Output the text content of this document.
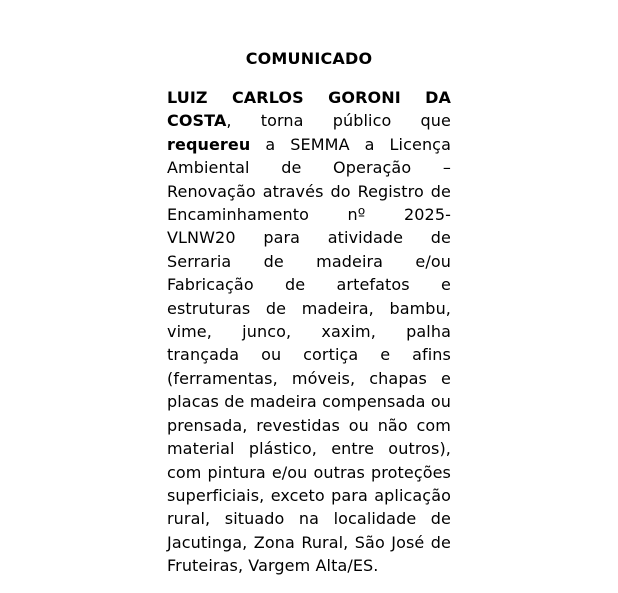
COMUNICADO

LUIZ CARLOS GORONI DA COSTA, torna público que requereu a SEMMA a Licença Ambiental de Operação – Renovação através do Registro de Encaminhamento nº 2025-VLNW20 para atividade de Serraria de madeira e/ou Fabricação de artefatos e estruturas de madeira, bambu, vime, junco, xaxim, palha trançada ou cortiça e afins (ferramentas, móveis, chapas e placas de madeira compensada ou prensada, revestidas ou não com material plástico, entre outros), com pintura e/ou outras proteções superficiais, exceto para aplicação rural, situado na localidade de Jacutinga, Zona Rural, São José de Fruteiras, Vargem Alta/ES.
